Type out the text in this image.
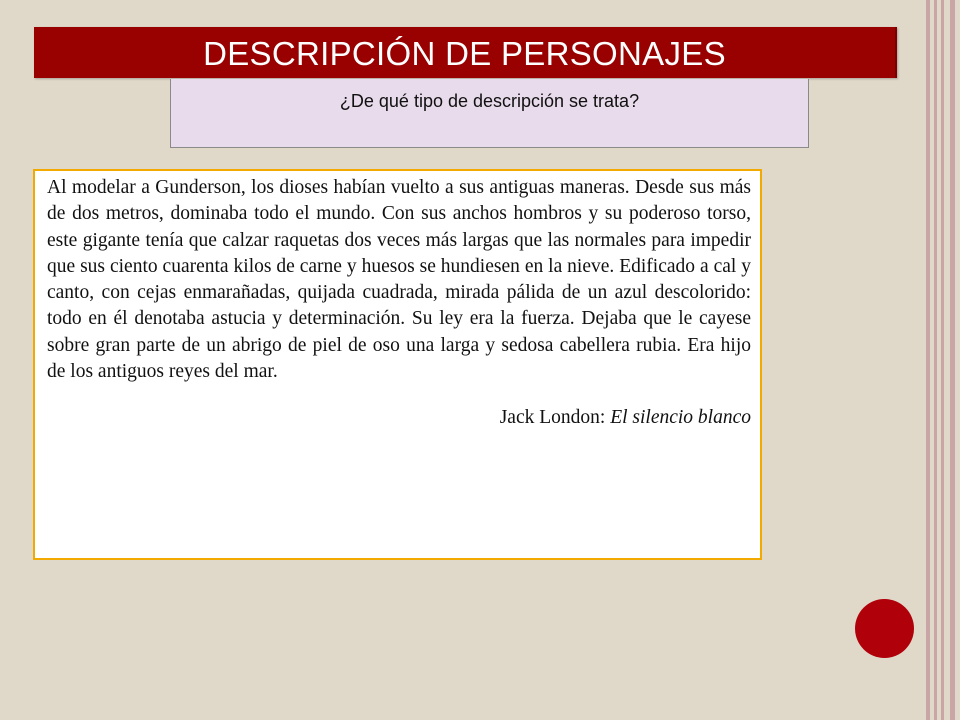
DESCRIPCIÓN DE PERSONAJES
¿De qué tipo de descripción se trata?

Al modelar a Gunderson, los dioses habían vuelto a sus antiguas maneras. Desde sus más de dos metros, dominaba todo el mundo. Con sus anchos hombros y su poderoso torso, este gigante tenía que calzar raquetas dos veces más largas que las normales para impedir que sus ciento cuarenta kilos de carne y huesos se hundiesen en la nieve. Edificado a cal y canto, con cejas enmarañadas, quijada cuadrada, mirada pálida de un azul descolorido: todo en él denotaba astucia y determinación. Su ley era la fuerza. Dejaba que le cayese sobre gran parte de un abrigo de piel de oso una larga y sedosa cabellera rubia. Era hijo de los antiguos reyes del mar.

Jack London: El silencio blanco
